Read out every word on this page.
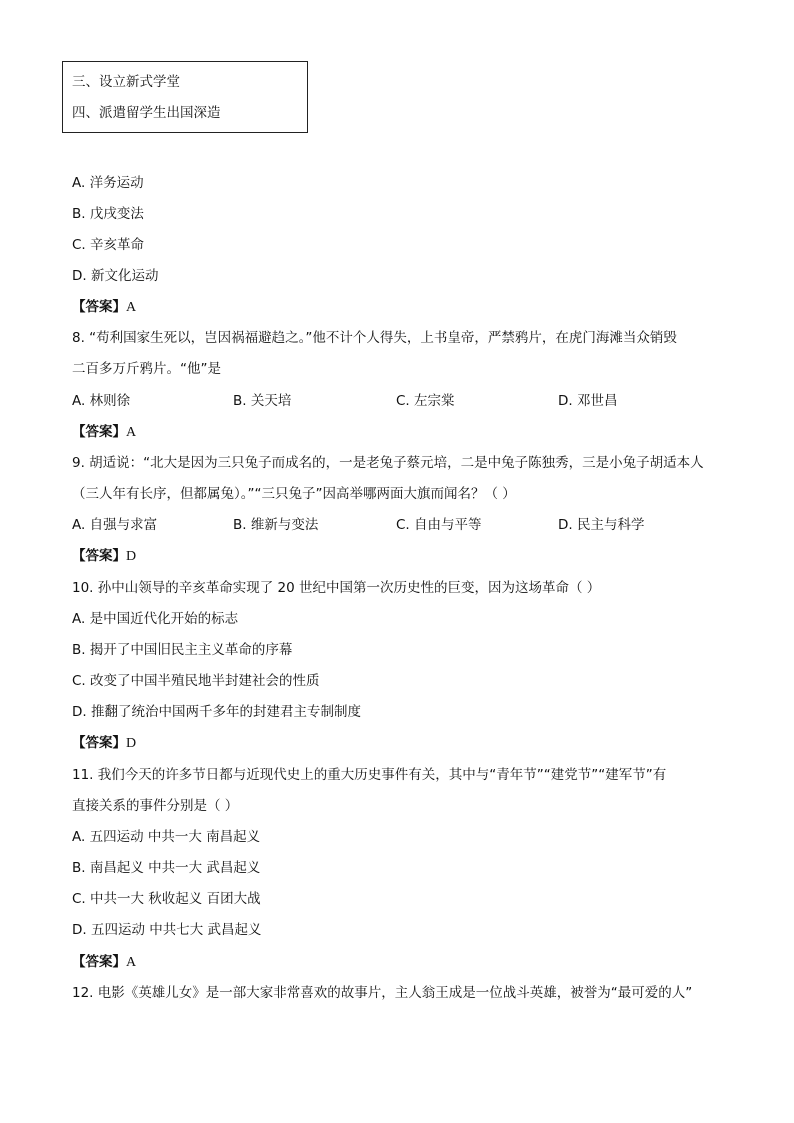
三、设立新式学堂
四、派遣留学生出国深造
A. 洋务运动
B. 戊戌变法
C. 辛亥革命
D. 新文化运动
【答案】A
8. “苟利国家生死以，岂因祸福避趋之。”他不计个人得失，上书皇帝，严禁鸦片，在虎门海滩当众销毁
二百多万斤鸦片。“他”是
A. 林则徐	B. 关天培	C. 左宗棠	D. 邓世昌
【答案】A
9. 胡适说：“北大是因为三只兔子而成名的，一是老兔子蔡元培，二是中兔子陈独秀，三是小兔子胡适本人
（三人年有长序，但都属兔）。”“三只兔子”因高举哪两面大旗而闻名？（ ）
A. 自强与求富	B. 维新与变法	C. 自由与平等	D. 民主与科学
【答案】D
10. 孙中山领导的辛亥革命实现了 20 世纪中国第一次历史性的巨变，因为这场革命（ ）
A. 是中国近代化开始的标志
B. 揭开了中国旧民主主义革命的序幕
C. 改变了中国半殖民地半封建社会的性质
D. 推翻了统治中国两千多年的封建君主专制制度
【答案】D
11. 我们今天的许多节日都与近现代史上的重大历史事件有关，其中与“青年节”“建党节”“建军节”有
直接关系的事件分别是（ ）
A. 五四运动 中共一大 南昌起义
B. 南昌起义 中共一大 武昌起义
C. 中共一大 秋收起义 百团大战
D. 五四运动 中共七大 武昌起义
【答案】A
12. 电影《英雄儿女》是一部大家非常喜欢的故事片，主人翁王成是一位战斗英雄，被誉为“最可爱的人”
